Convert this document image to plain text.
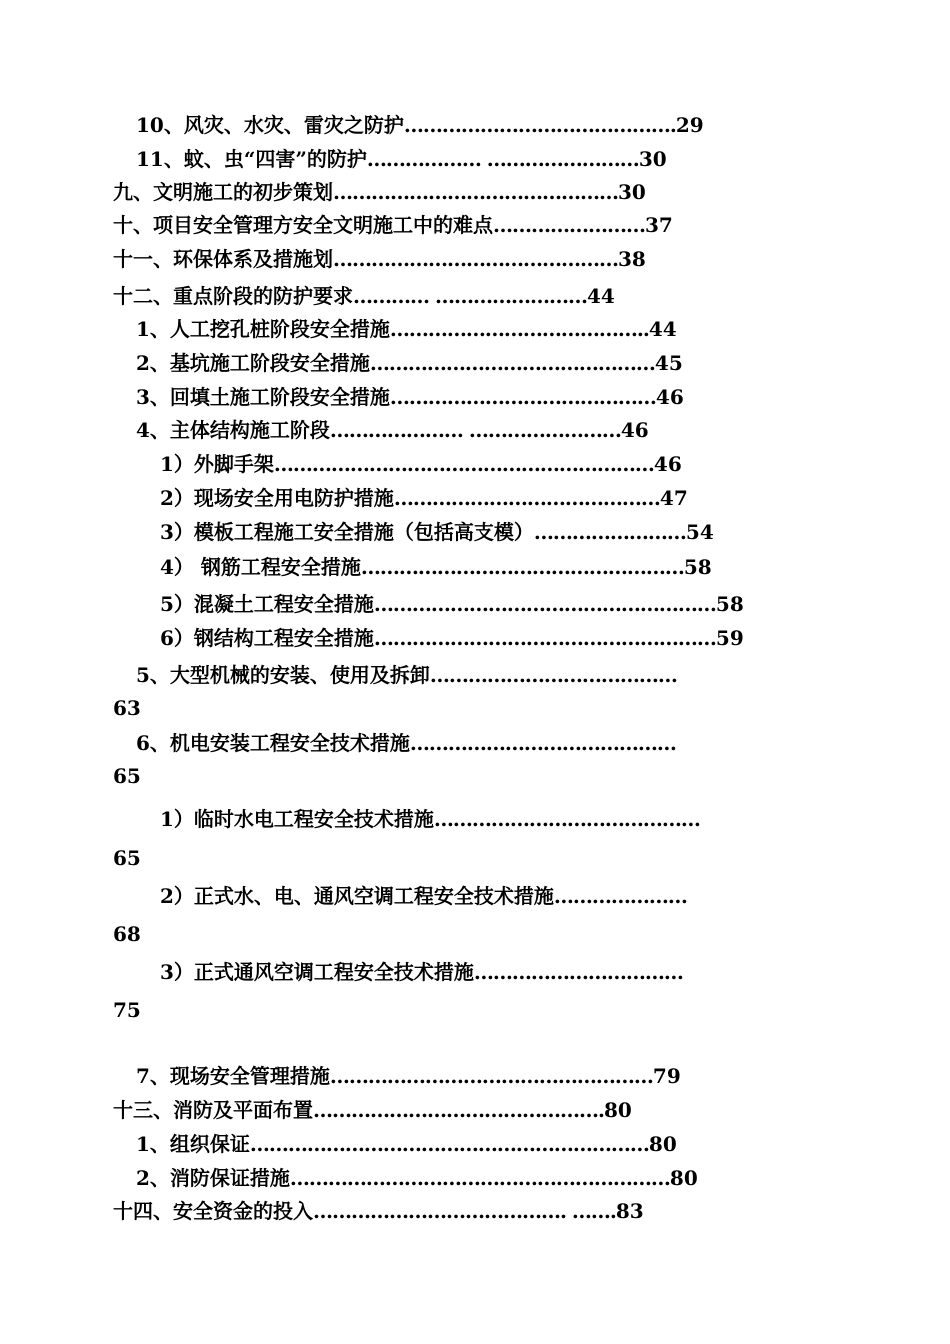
10、风灾、水灾、雷灾之防护…………………………………….29
11、蚊、虫“四害”的防护……………… ……………………30
九、文明施工的初步策划………………………………………30
十、项目安全管理方安全文明施工中的难点……………………37
十一、环保体系及措施划………………………………………38
十二、重点阶段的防护要求………… ……………………44
1、人工挖孔桩阶段安全措施…………………………………..44
2、基坑施工阶段安全措施………………………………………45
3、回填土施工阶段安全措施……………………………………46
4、主体结构施工阶段………………… ……………………46
1）外脚手架……………………………………………………46
2）现场安全用电防护措施……………………………………47
3）模板工程施工安全措施（包括高支模）……………………54
4） 钢筋工程安全措施……………………………………………58
5）混凝土工程安全措施………………………………………………58
6）钢结构工程安全措施………………………………………………59
5、大型机械的安装、使用及拆卸…………………………………
63
6、机电安装工程安全技术措施……………………………………
65
1）临时水电工程安全技术措施……………………………………
65
2）正式水、电、通风空调工程安全技术措施…………………
68
3）正式通风空调工程安全技术措施……………………………
75
7、现场安全管理措施……………………………………………79
十三、消防及平面布置……………………………………….80
1、组织保证………………………………………………………80
2、消防保证措施……………………………………………………80
十四、安全资金的投入…………………………………. …….83
